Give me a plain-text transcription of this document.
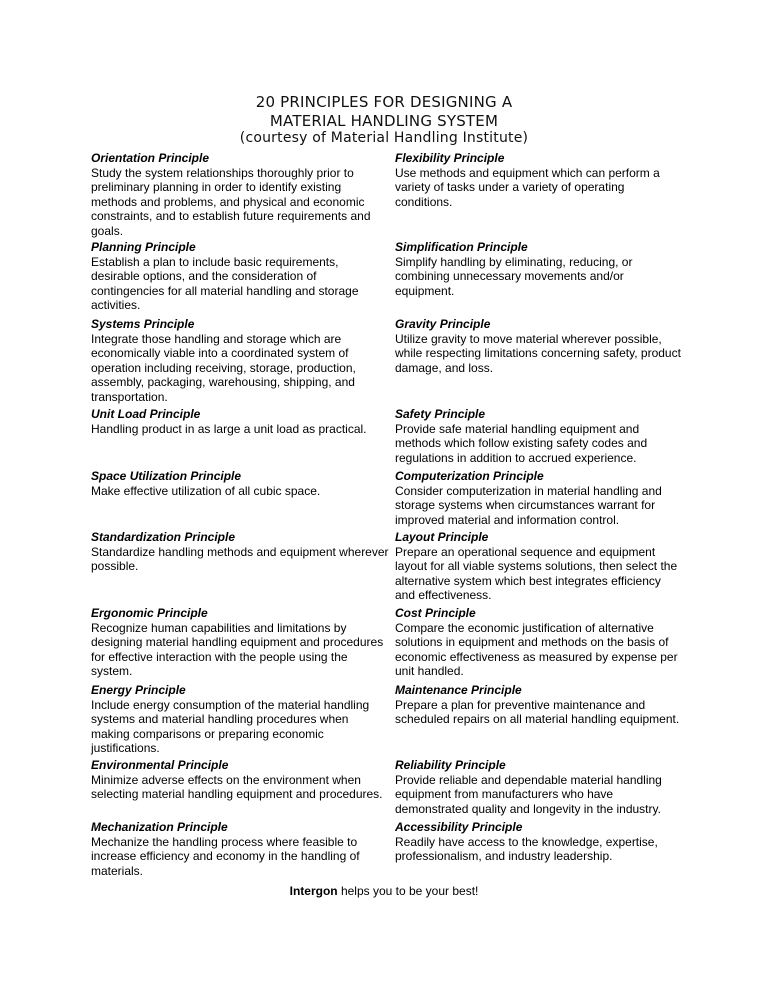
20 PRINCIPLES FOR DESIGNING A
MATERIAL HANDLING SYSTEM
(courtesy of Material Handling Institute)
Orientation Principle
Study the system relationships thoroughly prior to preliminary planning in order to identify existing methods and problems, and physical and economic constraints, and to establish future requirements and goals.
Planning Principle
Establish a plan to include basic requirements, desirable options, and the consideration of contingencies for all material handling and storage activities.
Systems Principle
Integrate those handling and storage which are economically viable into a coordinated system of operation including receiving, storage, production, assembly, packaging, warehousing, shipping, and transportation.
Unit Load Principle
Handling product in as large a unit load as practical.
Space Utilization Principle
Make effective utilization of all cubic space.
Standardization Principle
Standardize handling methods and equipment wherever possible.
Ergonomic Principle
Recognize human capabilities and limitations by designing material handling equipment and procedures for effective interaction with the people using the system.
Energy Principle
Include energy consumption of the material handling systems and material handling procedures when making comparisons or preparing economic justifications.
Environmental Principle
Minimize adverse effects on the environment when selecting material handling equipment and procedures.
Mechanization Principle
Mechanize the handling process where feasible to increase efficiency and economy in the handling of materials.
Flexibility Principle
Use methods and equipment which can perform a variety of tasks under a variety of operating conditions.
Simplification Principle
Simplify handling by eliminating, reducing, or combining unnecessary movements and/or equipment.
Gravity Principle
Utilize gravity to move material wherever possible, while respecting limitations concerning safety, product damage, and loss.
Safety Principle
Provide safe material handling equipment and methods which follow existing safety codes and regulations in addition to accrued experience.
Computerization Principle
Consider computerization in material handling and storage systems when circumstances warrant for improved material and information control.
Layout Principle
Prepare an operational sequence and equipment layout for all viable systems solutions, then select the alternative system which best integrates efficiency and effectiveness.
Cost Principle
Compare the economic justification of alternative solutions in equipment and methods on the basis of economic effectiveness as measured by expense per unit handled.
Maintenance Principle
Prepare a plan for preventive maintenance and scheduled repairs on all material handling equipment.
Reliability Principle
Provide reliable and dependable material handling equipment from manufacturers who have demonstrated quality and longevity in the industry.
Accessibility Principle
Readily have access to the knowledge, expertise, professionalism, and industry leadership.
Intergon helps you to be your best!
